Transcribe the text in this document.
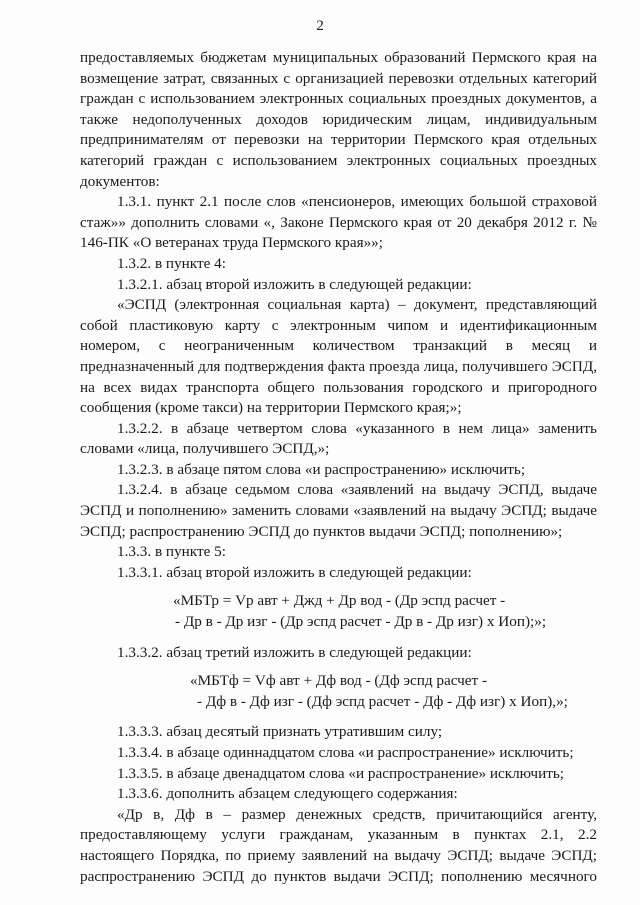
2

предоставляемых бюджетам муниципальных образований Пермского края на возмещение затрат, связанных с организацией перевозки отдельных категорий граждан с использованием электронных социальных проездных документов, а также недополученных доходов юридическим лицам, индивидуальным предпринимателям от перевозки на территории Пермского края отдельных категорий граждан с использованием электронных социальных проездных документов:

1.3.1. пункт 2.1 после слов «пенсионеров, имеющих большой страховой стаж»» дополнить словами «, Законе Пермского края от 20 декабря 2012 г. № 146-ПК «О ветеранах труда Пермского края»»;

1.3.2. в пункте 4:

1.3.2.1. абзац второй изложить в следующей редакции:

«ЭСПД (электронная социальная карта) – документ, представляющий собой пластиковую карту с электронным чипом и идентификационным номером, с неограниченным количеством транзакций в месяц и предназначенный для подтверждения факта проезда лица, получившего ЭСПД, на всех видах транспорта общего пользования городского и пригородного сообщения (кроме такси) на территории Пермского края;»;

1.3.2.2. в абзаце четвертом слова «указанного в нем лица» заменить словами «лица, получившего ЭСПД,»;

1.3.2.3. в абзаце пятом слова «и распространению» исключить;

1.3.2.4. в абзаце седьмом слова «заявлений на выдачу ЭСПД, выдаче ЭСПД и пополнению» заменить словами «заявлений на выдачу ЭСПД; выдаче ЭСПД; распространению ЭСПД до пунктов выдачи ЭСПД; пополнению»;

1.3.3. в пункте 5:

1.3.3.1. абзац второй изложить в следующей редакции:

«МБТр = Vр авт + Джд + Др вод - (Др эспд расчет -

- Др в - Др изг - (Др эспд расчет - Др в - Др изг) x Иоп);»;

1.3.3.2. абзац третий изложить в следующей редакции:

«МБТф = Vф авт + Дф вод - (Дф эспд расчет -

- Дф в - Дф изг - (Дф эспд расчет - Дф - Дф изг) x Иоп),»;

1.3.3.3. абзац десятый признать утратившим силу;

1.3.3.4. в абзаце одиннадцатом слова «и распространение» исключить;

1.3.3.5. в абзаце двенадцатом слова «и распространение» исключить;

1.3.3.6. дополнить абзацем следующего содержания:

«Др в, Дф в – размер денежных средств, причитающийся агенту, предоставляющему услуги гражданам, указанным в пунктах 2.1, 2.2 настоящего Порядка, по приему заявлений на выдачу ЭСПД; выдаче ЭСПД; распространению ЭСПД до пунктов выдачи ЭСПД; пополнению месячного
